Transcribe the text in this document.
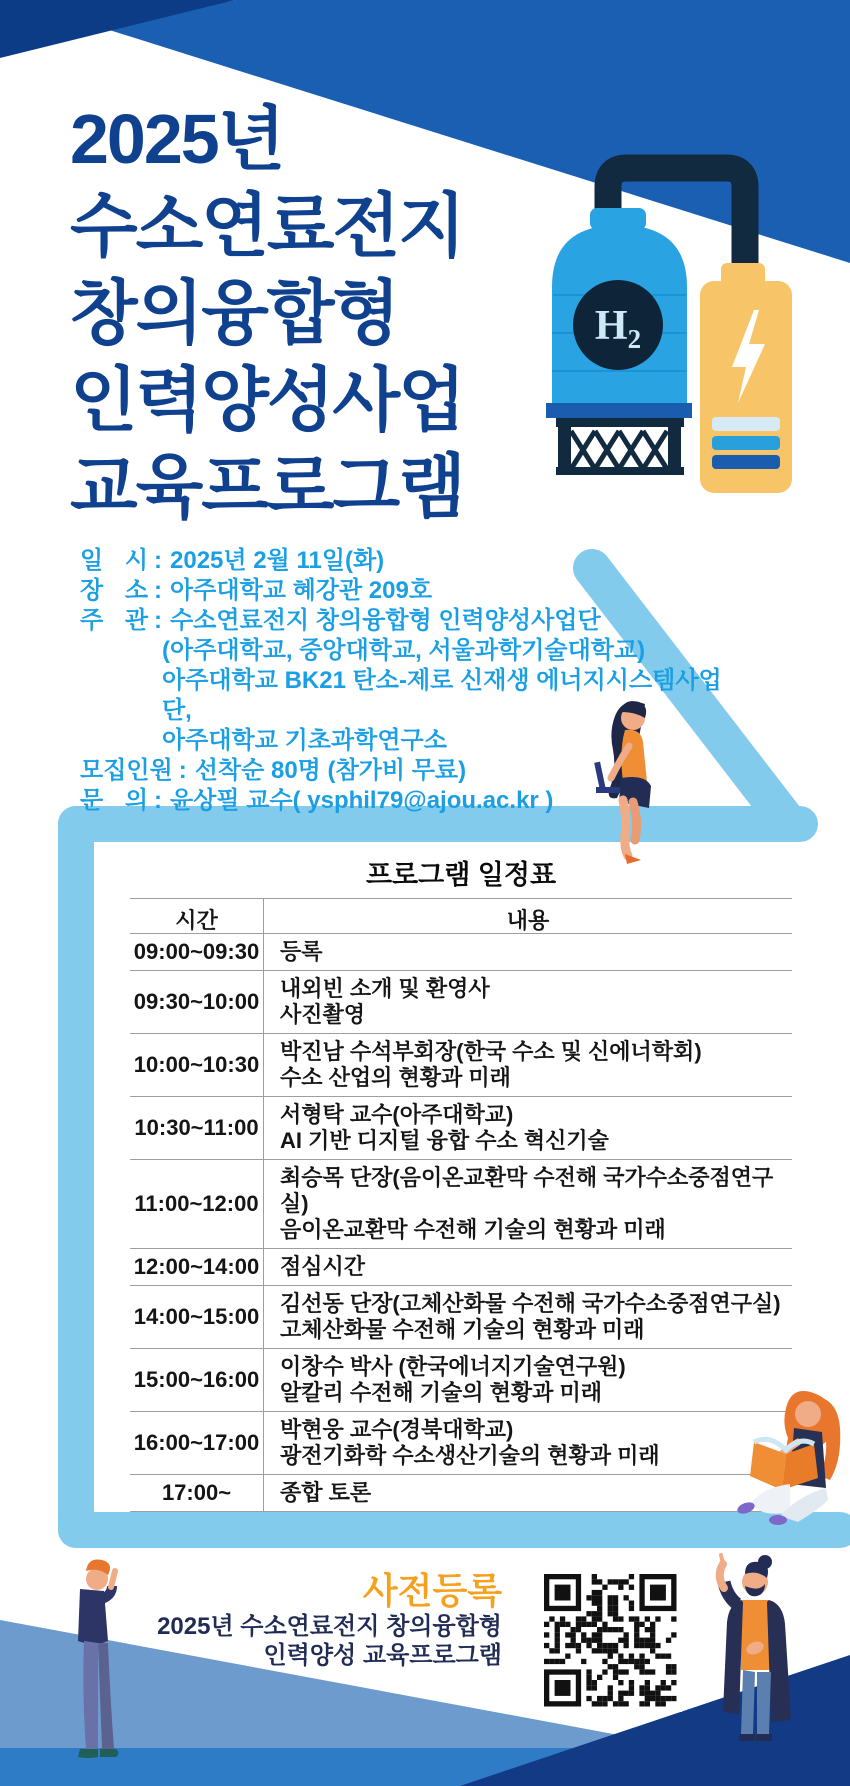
2025년
수소연료전지
창의융합형
인력양성사업
교육프로그램
$H_2$
일 시 : 2025년 2월 11일(화)
장 소 : 아주대학교 혜강관 209호
주 관 : 수소연료전지 창의융합형 인력양성사업단
(아주대학교, 중앙대학교, 서울과학기술대학교)
아주대학교 BK21 탄소-제로 신재생 에너지시스템사업단,
아주대학교 기초과학연구소
모 집 인 원 : 선착순 80명 (참가비 무료)
문 의 : 윤상필 교수( ysphil79@ajou.ac.kr )
프로그램 일정표
시간	내용
09:00~09:30 등록
09:30~10:00
내외빈 소개 및 환영사
사진촬영
10:00~10:30
박진남 수석부회장(한국 수소 및 신에너학회)
수소 산업의 현황과 미래
10:30~11:00
서형탁 교수(아주대학교)
AI 기반 디지털 융합 수소 혁신기술
11:00~12:00
최승목 단장(음이온교환막 수전해 국가수소중점연구실)
음이온교환막 수전해 기술의 현황과 미래
12:00~14:00 점심시간
14:00~15:00
김선동 단장(고체산화물 수전해 국가수소중점연구실)
고체산화물 수전해 기술의 현황과 미래
15:00~16:00
이창수 박사 (한국에너지기술연구원)
알칼리 수전해 기술의 현황과 미래
16:00~17:00
박현웅 교수(경북대학교)
광전기화학 수소생산기술의 현황과 미래
17:00~	종합 토론
사전등록
2025년 수소연료전지 창의융합형
인력양성 교육프로그램
